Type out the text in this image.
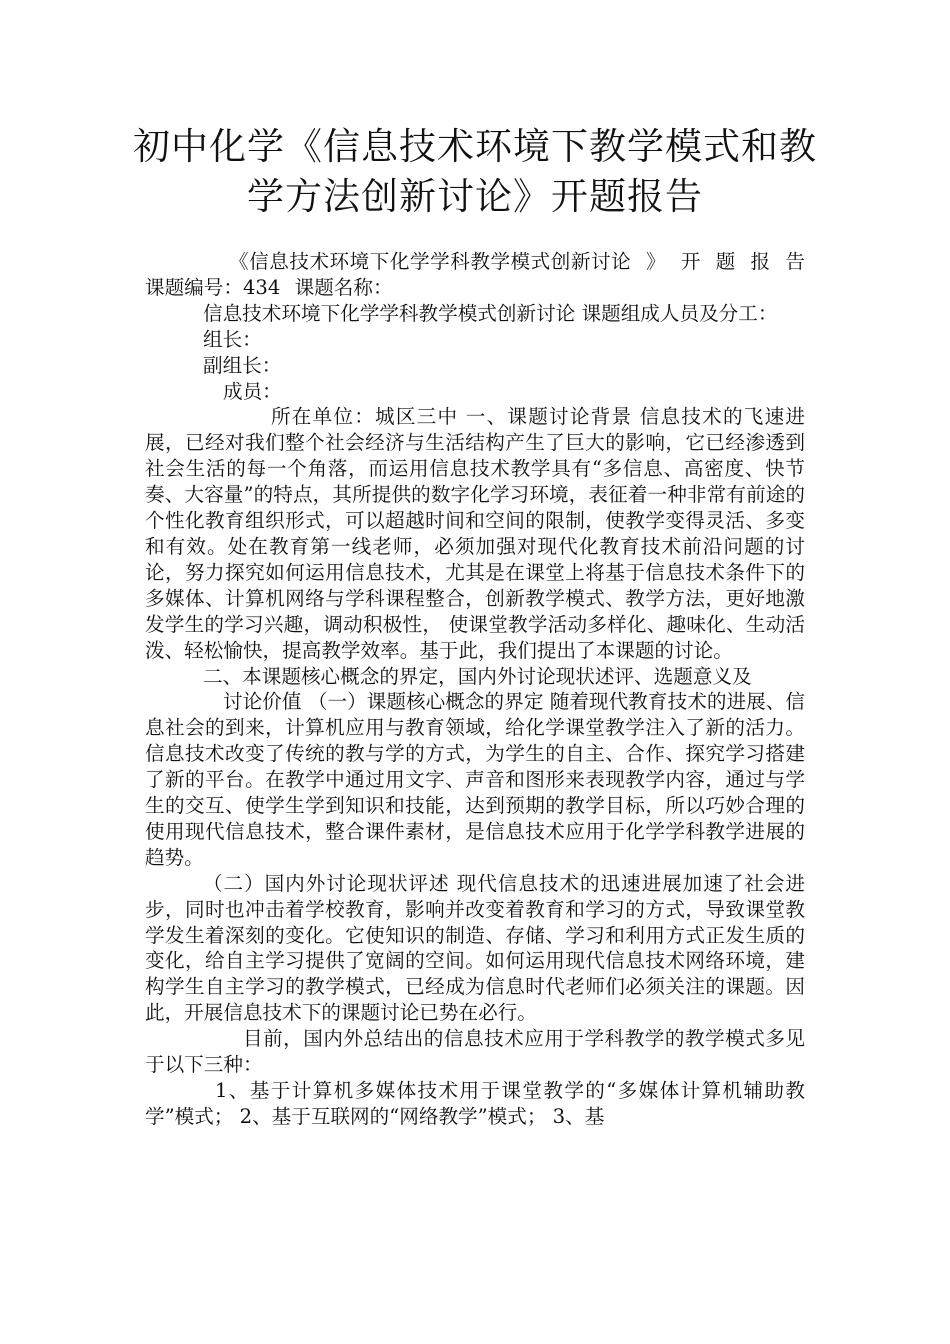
初中化学《信息技术环境下教学模式和教
学方法创新讨论》开题报告

《信息技术环境下化学学科教学模式创新讨论 》 开 题 报 告 课题编号：434 课题名称：

信息技术环境下化学学科教学模式创新讨论 课题组成人员及分工：

组长：

副组长：

成员：

所在单位：城区三中 一、课题讨论背景 信息技术的飞速进展，已经对我们整个社会经济与生活结构产生了巨大的影响，它已经渗透到社会生活的每一个角落，而运用信息技术教学具有“多信息、高密度、快节奏、大容量”的特点，其所提供的数字化学习环境，表征着一种非常有前途的个性化教育组织形式，可以超越时间和空间的限制，使教学变得灵活、多变和有效。处在教育第一线老师，必须加强对现代化教育技术前沿问题的讨论，努力探究如何运用信息技术，尤其是在课堂上将基于信息技术条件下的多媒体、计算机网络与学科课程整合，创新教学模式、教学方法，更好地激发学生的学习兴趣，调动积极性， 使课堂教学活动多样化、趣味化、生动活泼、轻松愉快，提高教学效率。基于此，我们提出了本课题的讨论。

二、本课题核心概念的界定，国内外讨论现状述评、选题意义及

讨论价值 （一）课题核心概念的界定 随着现代教育技术的进展、信息社会的到来，计算机应用与教育领域，给化学课堂教学注入了新的活力。信息技术改变了传统的教与学的方式，为学生的自主、合作、探究学习搭建了新的平台。在教学中通过用文字、声音和图形来表现教学内容，通过与学生的交互、使学生学到知识和技能，达到预期的教学目标，所以巧妙合理的使用现代信息技术，整合课件素材，是信息技术应用于化学学科教学进展的趋势。

（二）国内外讨论现状评述 现代信息技术的迅速进展加速了社会进步，同时也冲击着学校教育，影响并改变着教育和学习的方式，导致课堂教学发生着深刻的变化。它使知识的制造、存储、学习和利用方式正发生质的变化，给自主学习提供了宽阔的空间。如何运用现代信息技术网络环境，建构学生自主学习的教学模式，已经成为信息时代老师们必须关注的课题。因此，开展信息技术下的课题讨论已势在必行。

目前，国内外总结出的信息技术应用于学科教学的教学模式多见于以下三种：

1、基于计算机多媒体技术用于课堂教学的“多媒体计算机辅助教学”模式； 2、基于互联网的“网络教学”模式； 3、基
